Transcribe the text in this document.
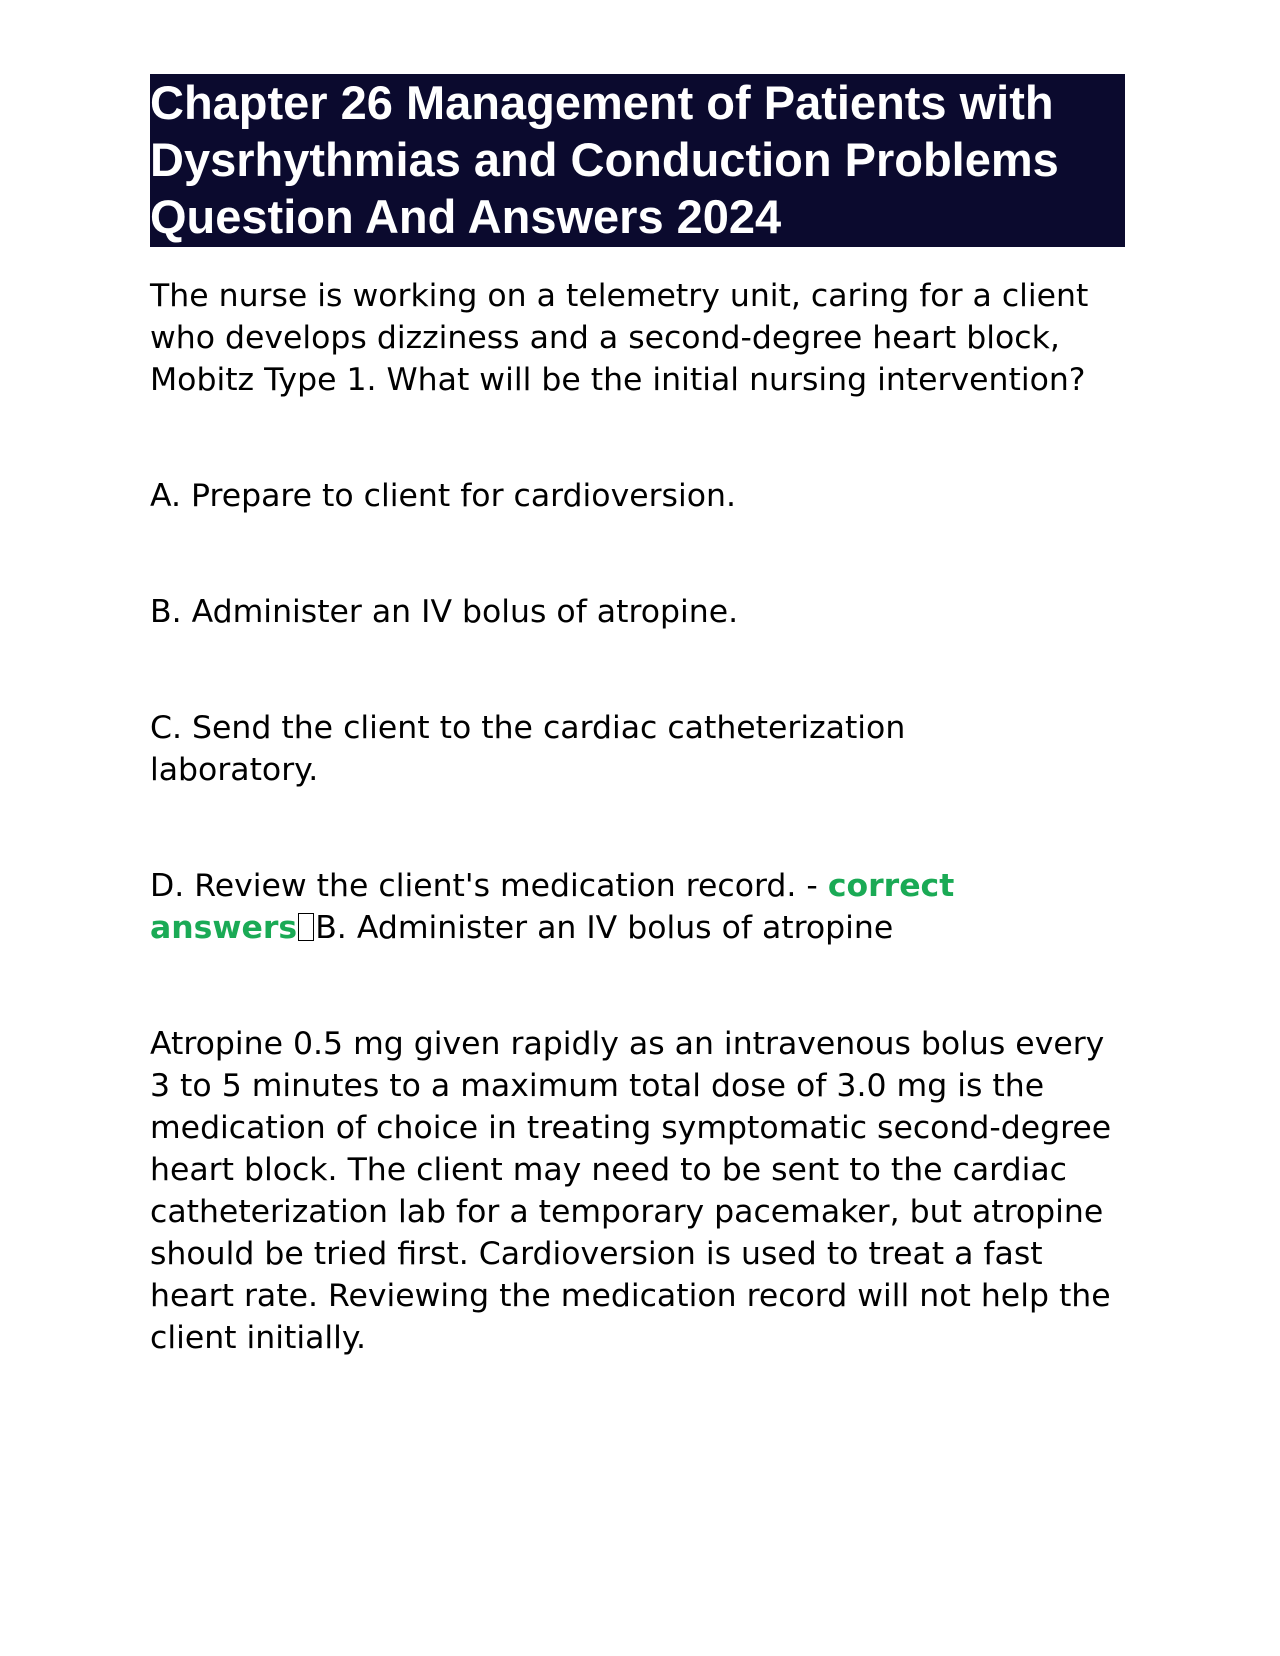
Chapter 26 Management of Patients with Dysrhythmias and Conduction Problems Question And Answers 2024

The nurse is working on a telemetry unit, caring for a client who develops dizziness and a second-degree heart block, Mobitz Type 1. What will be the initial nursing intervention?

A. Prepare to client for cardioversion.

B. Administer an IV bolus of atropine.

C. Send the client to the cardiac catheterization laboratory.

D. Review the client's medication record. - correct answers B. Administer an IV bolus of atropine

Atropine 0.5 mg given rapidly as an intravenous bolus every 3 to 5 minutes to a maximum total dose of 3.0 mg is the medication of choice in treating symptomatic second-degree heart block. The client may need to be sent to the cardiac catheterization lab for a temporary pacemaker, but atropine should be tried first. Cardioversion is used to treat a fast heart rate. Reviewing the medication record will not help the client initially.
